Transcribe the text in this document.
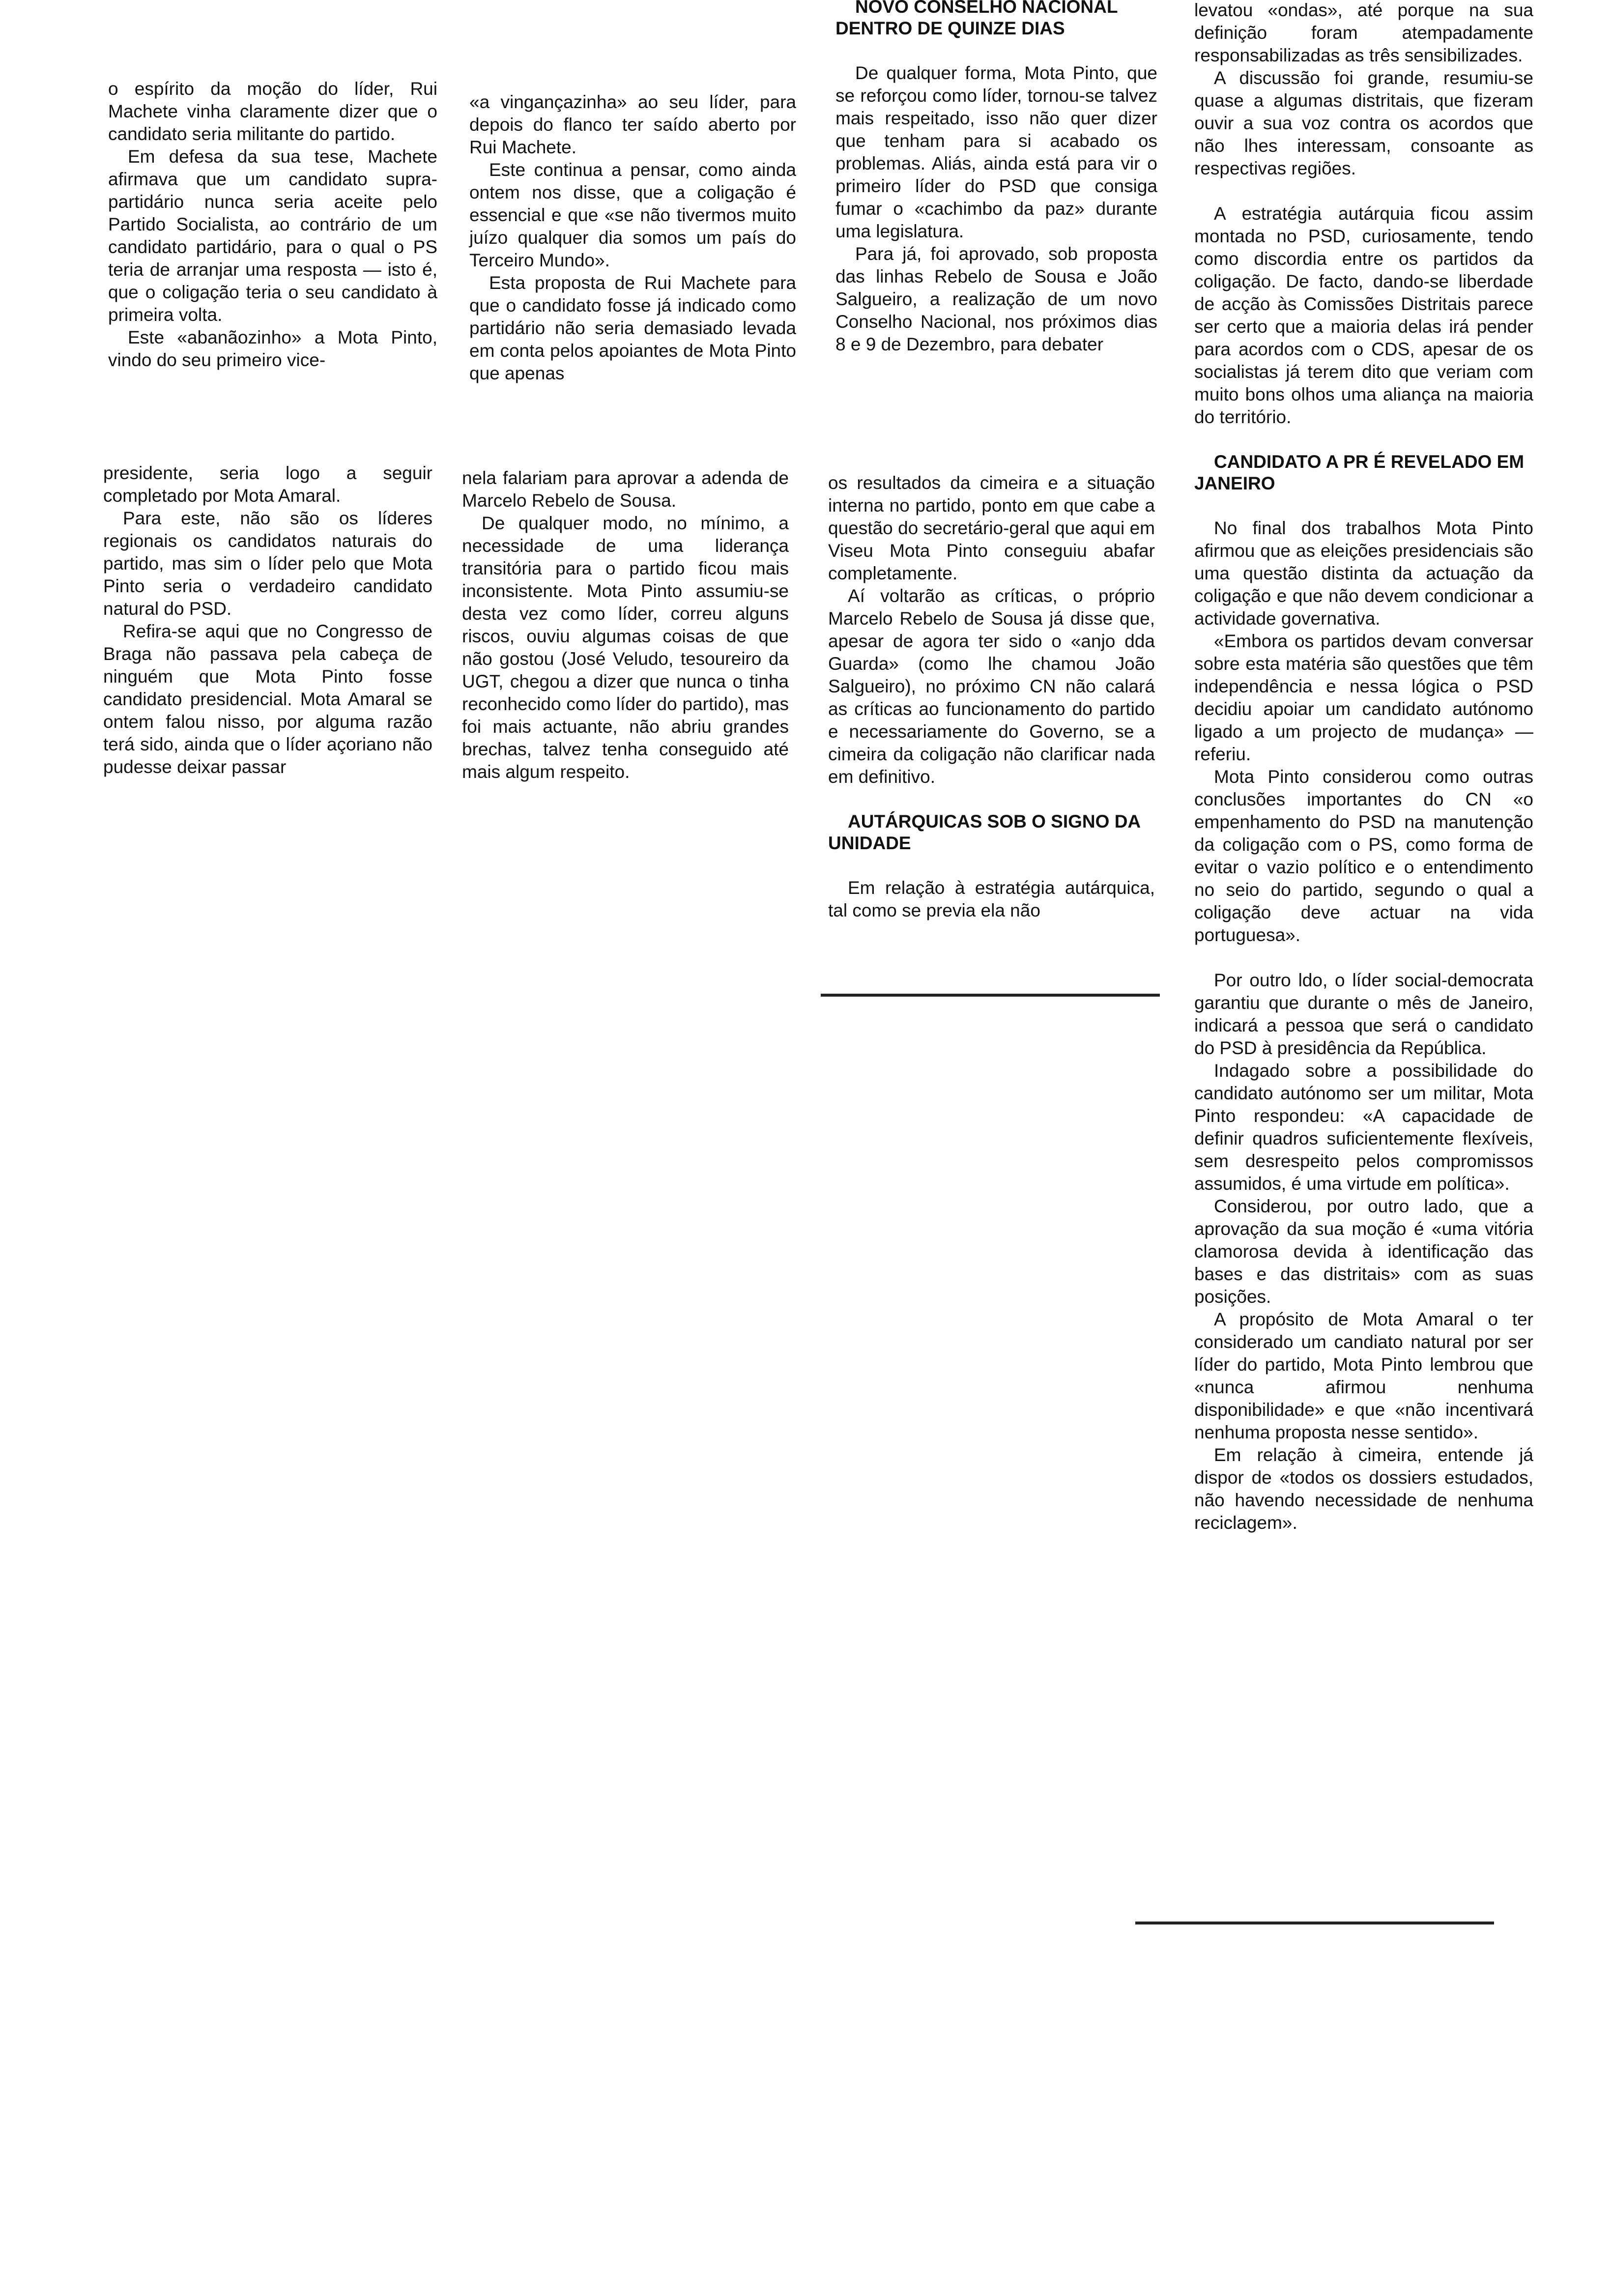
o espírito da moção do líder, Rui Machete vinha claramente dizer que o candidato seria militante do partido.

Em defesa da sua tese, Machete afirmava que um candidato supra-partidário nunca seria aceite pelo Partido Socialista, ao contrário de um candidato partidário, para o qual o PS teria de arranjar uma resposta — isto é, que o coligação teria o seu candidato à primeira volta.

Este «abanãozinho» a Mota Pinto, vindo do seu primeiro vice-

presidente, seria logo a seguir completado por Mota Amaral.

Para este, não são os líderes regionais os candidatos naturais do partido, mas sim o líder pelo que Mota Pinto seria o verdadeiro candidato natural do PSD.

Refira-se aqui que no Congresso de Braga não passava pela cabeça de ninguém que Mota Pinto fosse candidato presidencial. Mota Amaral se ontem falou nisso, por alguma razão terá sido, ainda que o líder açoriano não pudesse deixar passar

«a vingançazinha» ao seu líder, para depois do flanco ter saído aberto por Rui Machete.

Este continua a pensar, como ainda ontem nos disse, que a coligação é essencial e que «se não tivermos muito juízo qualquer dia somos um país do Terceiro Mundo».

Esta proposta de Rui Machete para que o candidato fosse já indicado como partidário não seria demasiado levada em conta pelos apoiantes de Mota Pinto que apenas

nela falariam para aprovar a adenda de Marcelo Rebelo de Sousa.

De qualquer modo, no mínimo, a necessidade de uma liderança transitória para o partido ficou mais inconsistente. Mota Pinto assumiu-se desta vez como líder, correu alguns riscos, ouviu algumas coisas de que não gostou (José Veludo, tesoureiro da UGT, chegou a dizer que nunca o tinha reconhecido como líder do partido), mas foi mais actuante, não abriu grandes brechas, talvez tenha conseguido até mais algum respeito.

NOVO CONSELHO NACIONAL DENTRO DE QUINZE DIAS

De qualquer forma, Mota Pinto, que se reforçou como líder, tornou-se talvez mais respeitado, isso não quer dizer que tenham para si acabado os problemas. Aliás, ainda está para vir o primeiro líder do PSD que consiga fumar o «cachimbo da paz» durante uma legislatura.

Para já, foi aprovado, sob proposta das linhas Rebelo de Sousa e João Salgueiro, a realização de um novo Conselho Nacional, nos próximos dias 8 e 9 de Dezembro, para debater

os resultados da cimeira e a situação interna no partido, ponto em que cabe a questão do secretário-geral que aqui em Viseu Mota Pinto conseguiu abafar completamente.

Aí voltarão as críticas, o próprio Marcelo Rebelo de Sousa já disse que, apesar de agora ter sido o «anjo dda Guarda» (como lhe chamou João Salgueiro), no próximo CN não calará as críticas ao funcionamento do partido e necessariamente do Governo, se a cimeira da coligação não clarificar nada em definitivo.

AUTÁRQUICAS SOB O SIGNO DA UNIDADE

Em relação à estratégia autárquica, tal como se previa ela não

levatou «ondas», até porque na sua definição foram atempadamente responsabilizadas as três sensibilizades.

A discussão foi grande, resumiu-se quase a algumas distritais, que fizeram ouvir a sua voz contra os acordos que não lhes interessam, consoante as respectivas regiões.

A estratégia autárquia ficou assim montada no PSD, curiosamente, tendo como discordia entre os partidos da coligação. De facto, dando-se liberdade de acção às Comissões Distritais parece ser certo que a maioria delas irá pender para acordos com o CDS, apesar de os socialistas já terem dito que veriam com muito bons olhos uma aliança na maioria do território.

CANDIDATO A PR É REVELADO EM JANEIRO

No final dos trabalhos Mota Pinto afirmou que as eleições presidenciais são uma questão distinta da actuação da coligação e que não devem condicionar a actividade governativa.

«Embora os partidos devam conversar sobre esta matéria são questões que têm independência e nessa lógica o PSD decidiu apoiar um candidato autónomo ligado a um projecto de mudança» — referiu.

Mota Pinto considerou como outras conclusões importantes do CN «o empenhamento do PSD na manutenção da coligação com o PS, como forma de evitar o vazio político e o entendimento no seio do partido, segundo o qual a coligação deve actuar na vida portuguesa».

Por outro ldo, o líder social-democrata garantiu que durante o mês de Janeiro, indicará a pessoa que será o candidato do PSD à presidência da República.

Indagado sobre a possibilidade do candidato autónomo ser um militar, Mota Pinto respondeu: «A capacidade de definir quadros suficientemente flexíveis, sem desrespeito pelos compromissos assumidos, é uma virtude em política».

Considerou, por outro lado, que a aprovação da sua moção é «uma vitória clamorosa devida à identificação das bases e das distritais» com as suas posições.

A propósito de Mota Amaral o ter considerado um candiato natural por ser líder do partido, Mota Pinto lembrou que «nunca afirmou nenhuma disponibilidade» e que «não incentivará nenhuma proposta nesse sentido».

Em relação à cimeira, entende já dispor de «todos os dossiers estudados, não havendo necessidade de nenhuma reciclagem».
